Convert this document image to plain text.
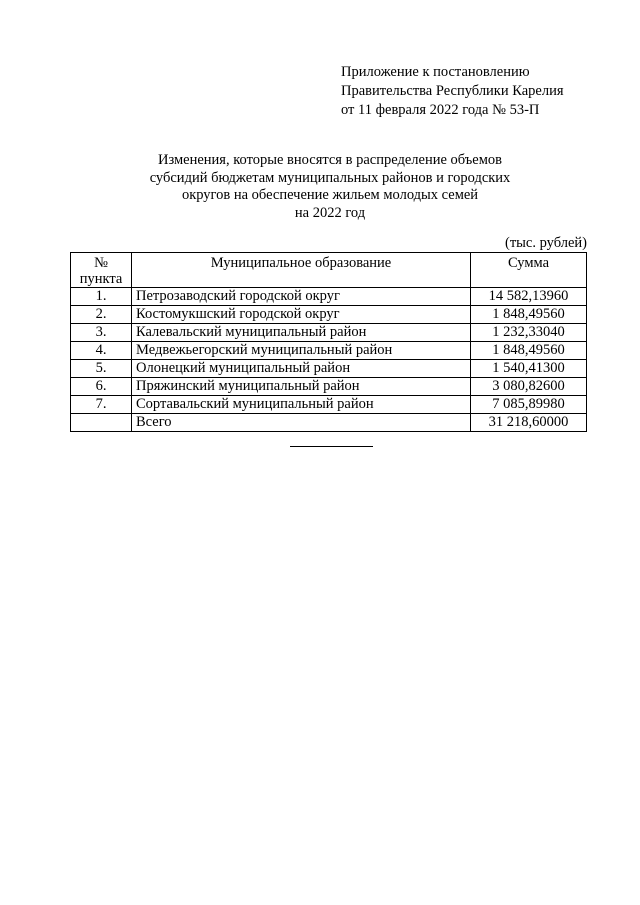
Приложение к постановлению
Правительства Республики Карелия
от 11 февраля 2022 года № 53-П
Изменения, которые вносятся в распределение объемов
субсидий бюджетам муниципальных районов и городских
округов на обеспечение жильем молодых семей
на 2022 год
(тыс. рублей)
№ пункта	Муниципальное образование	Сумма
1.	Петрозаводский городской округ	14 582,13960
2.	Костомукшский городской округ	1 848,49560
3.	Калевальский муниципальный район	1 232,33040
4.	Медвежьегорский муниципальный район	1 848,49560
5.	Олонецкий муниципальный район	1 540,41300
6.	Пряжинский муниципальный район	3 080,82600
7.	Сортавальский муниципальный район	7 085,89980
	Всего	31 218,60000
